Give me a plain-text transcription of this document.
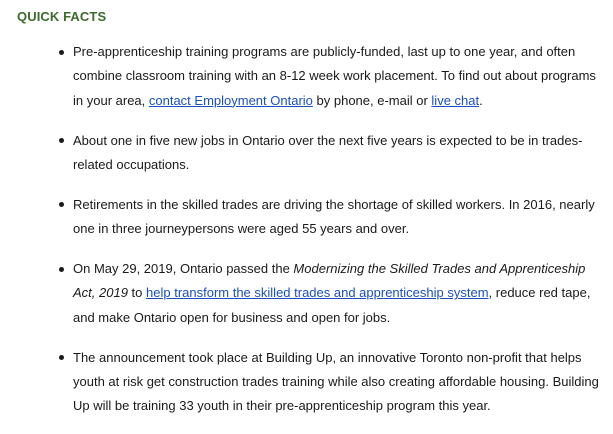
QUICK FACTS
Pre-apprenticeship training programs are publicly-funded, last up to one year, and often combine classroom training with an 8-12 week work placement. To find out about programs in your area, contact Employment Ontario by phone, e-mail or live chat.
About one in five new jobs in Ontario over the next five years is expected to be in trades-related occupations.
Retirements in the skilled trades are driving the shortage of skilled workers. In 2016, nearly one in three journeypersons were aged 55 years and over.
On May 29, 2019, Ontario passed the Modernizing the Skilled Trades and Apprenticeship Act, 2019 to help transform the skilled trades and apprenticeship system, reduce red tape, and make Ontario open for business and open for jobs.
The announcement took place at Building Up, an innovative Toronto non-profit that helps youth at risk get construction trades training while also creating affordable housing. Building Up will be training 33 youth in their pre-apprenticeship program this year.
